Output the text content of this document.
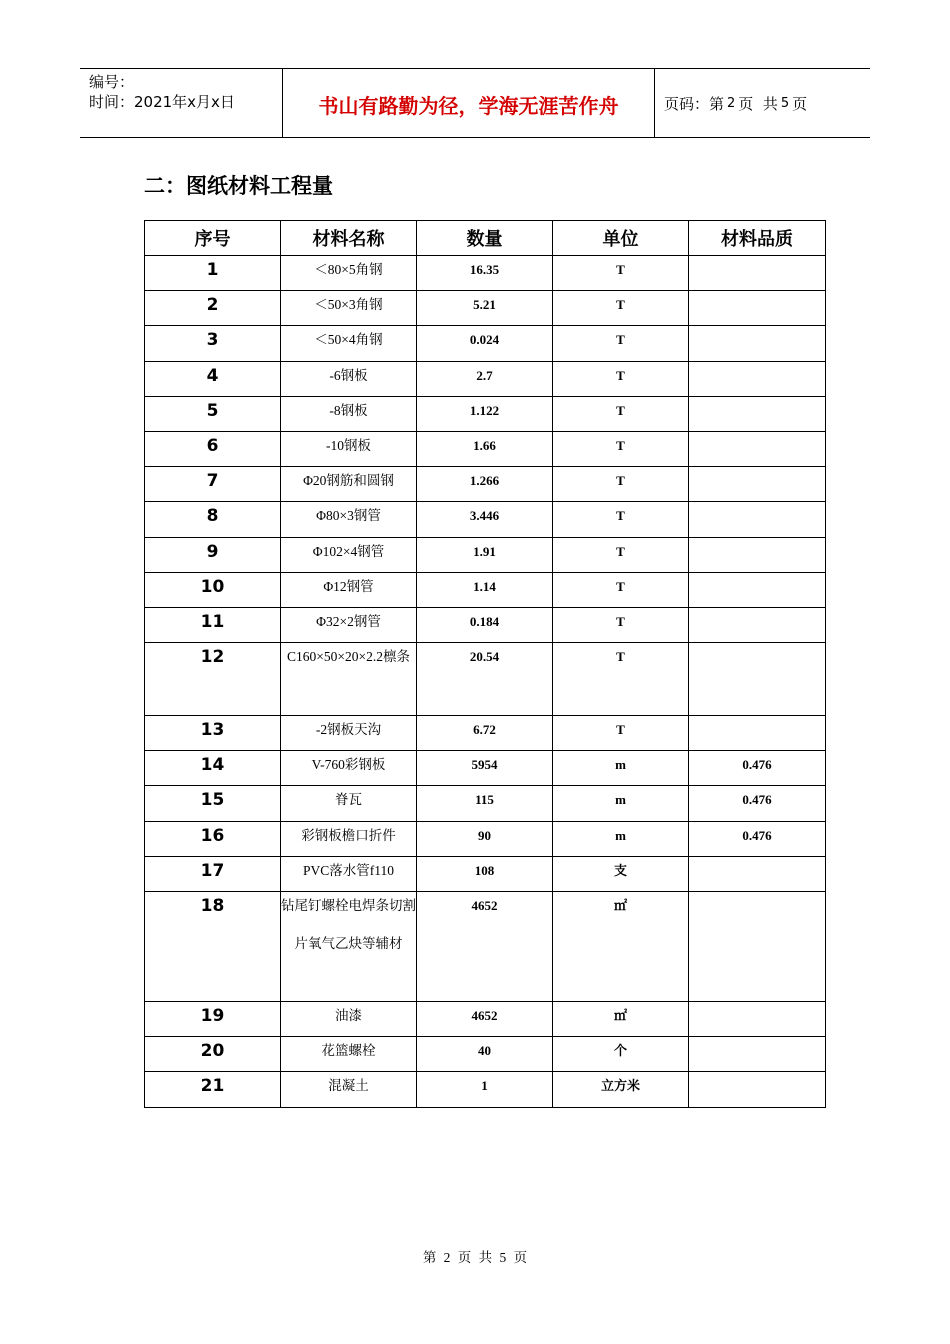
编号：
时间：2021年x月x日	书山有路勤为径，学海无涯苦作舟	页码：第 2 页  共 5 页
二：图纸材料工程量
序号	材料名称	数量	单位	材料品质
1	＜80×5角钢	16.35	T	
2	＜50×3角钢	5.21	T	
3	＜50×4角钢	0.024	T	
4	-6钢板	2.7	T	
5	-8钢板	1.122	T	
6	-10钢板	1.66	T	
7	Φ20钢筋和圆钢	1.266	T	
8	Φ80×3钢管	3.446	T	
9	Φ102×4钢管	1.91	T	
10	Φ12钢管	1.14	T	
11	Φ32×2钢管	0.184	T	
12	C160×50×20×2.2檩条	20.54	T	
13	-2钢板天沟	6.72	T	
14	V-760彩钢板	5954	m	0.476
15	脊瓦	115	m	0.476
16	彩钢板檐口折件	90	m	0.476
17	PVC落水管f110	108	支	
18	钻尾钉螺栓电焊条切割片氧气乙炔等辅材	4652	㎡	
19	油漆	4652	㎡	
20	花篮螺栓	40	个	
21	混凝土	1	立方米	
第 2 页 共 5 页
